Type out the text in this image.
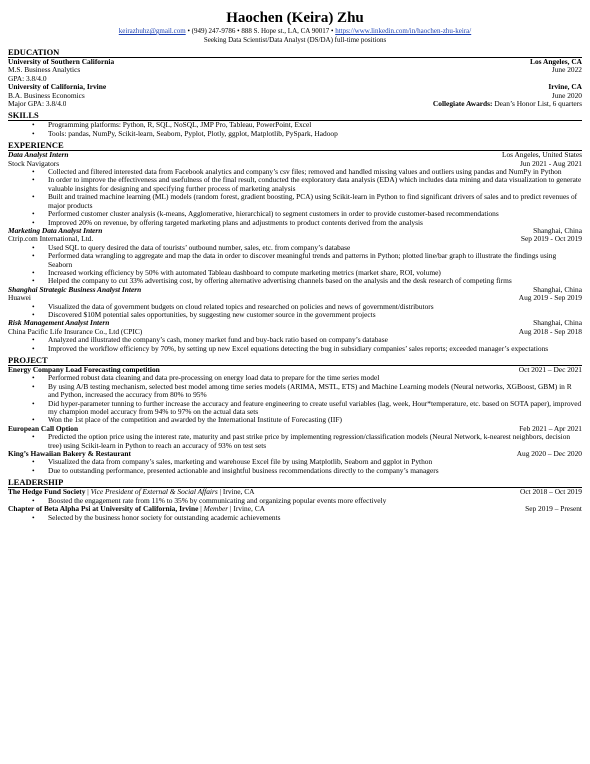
Haochen (Keira) Zhu
keirazhuhz@gmail.com • (949) 247-9786 • 888 S. Hope st., LA, CA 90017 • https://www.linkedin.com/in/haochen-zhu-keira/
Seeking Data Scientist/Data Analyst (DS/DA) full-time positions
EDUCATION
University of Southern California	Los Angeles, CA
M.S. Business Analytics	June 2022
GPA: 3.8/4.0
University of California, Irvine	Irvine, CA
B.A. Business Economics	June 2020
Major GPA: 3.8/4.0	Collegiate Awards: Dean’s Honor List, 6 quarters
SKILLS
• Programming platforms: Python, R, SQL, NoSQL, JMP Pro, Tableau, PowerPoint, Excel
• Tools: pandas, NumPy, Scikit-learn, Seaborn, Pyplot, Plotly, ggplot, Matplotlib, PySpark, Hadoop
EXPERIENCE
Data Analyst Intern	Los Angeles, United States
Stock Navigators	Jun 2021 - Aug 2021
• Collected and filtered interested data from Facebook analytics and company’s csv files; removed and handled missing values and outliers using pandas and NumPy in Python
• In order to improve the effectiveness and usefulness of the final result, conducted the exploratory data analysis (EDA) which includes data mining and data visualization to generate valuable insights for designing and specifying further process of marketing analysis
• Built and trained machine learning (ML) models (random forest, gradient boosting, PCA) using Scikit-learn in Python to find significant drivers of sales and to predict revenues of major products
• Performed customer cluster analysis (k-means, Agglomerative, hierarchical) to segment customers in order to provide customer-based recommendations
• Improved 20% on revenue, by offering targeted marketing plans and adjustments to product contents derived from the analysis
Marketing Data Analyst Intern	Shanghai, China
Ctrip.com International, Ltd.	Sep 2019 - Oct 2019
• Used SQL to query desired the data of tourists’ outbound number, sales, etc. from company’s database
• Performed data wrangling to aggregate and map the data in order to discover meaningful trends and patterns in Python; plotted line/bar graph to illustrate the findings using Seaborn
• Increased working efficiency by 50% with automated Tableau dashboard to compute marketing metrics (market share, ROI, volume)
• Helped the company to cut 33% advertising cost, by offering alternative advertising channels based on the analysis and the desk research of competing firms
Shanghai Strategic Business Analyst Intern	Shanghai, China
Huawei	Aug 2019 - Sep 2019
• Visualized the data of government budgets on cloud related topics and researched on policies and news of government/distributors
• Discovered $10M potential sales opportunities, by suggesting new customer source in the government projects
Risk Management Analyst Intern	Shanghai, China
China Pacific Life Insurance Co., Ltd (CPIC)	Aug 2018 - Sep 2018
• Analyzed and illustrated the company’s cash, money market fund and buy-back ratio based on company’s database
• Improved the workflow efficiency by 70%, by setting up new Excel equations detecting the bug in subsidiary companies’ sales reports; exceeded manager’s expectations
PROJECT
Energy Company Load Forecasting competition	Oct 2021 – Dec 2021
• Performed robust data cleaning and data pre-processing on energy load data to prepare for the time series model
• By using A/B testing mechanism, selected best model among time series models (ARIMA, MSTL, ETS) and Machine Learning models (Neural networks, XGBoost, GBM) in R and Python, increased the accuracy from 80% to 95%
• Did hyper-parameter tunning to further increase the accuracy and feature engineering to create useful variables (lag, week, Hour*temperature, etc. based on SOTA paper), improved my champion model accuracy from 94% to 97% on the actual data sets
• Won the 1st place of the competition and awarded by the International Institute of Forecasting (IIF)
European Call Option	Feb 2021 – Apr 2021
• Predicted the option price using the interest rate, maturity and past strike price by implementing regression/classification models (Neural Network, k-nearest neighbors, decision tree) using Scikit-learn in Python to reach an accuracy of 93% on test sets
King’s Hawaiian Bakery & Restaurant	Aug 2020 – Dec 2020
• Visualized the data from company’s sales, marketing and warehouse Excel file by using Matplotlib, Seaborn and ggplot in Python
• Due to outstanding performance, presented actionable and insightful business recommendations directly to the company’s managers
LEADERSHIP
The Hedge Fund Society | Vice President of External & Social Affairs | Irvine, CA	Oct 2018 – Oct 2019
• Boosted the engagement rate from 11% to 35% by communicating and organizing popular events more effectively
Chapter of Beta Alpha Psi at University of California, Irvine | Member | Irvine, CA	Sep 2019 – Present
• Selected by the business honor society for outstanding academic achievements
